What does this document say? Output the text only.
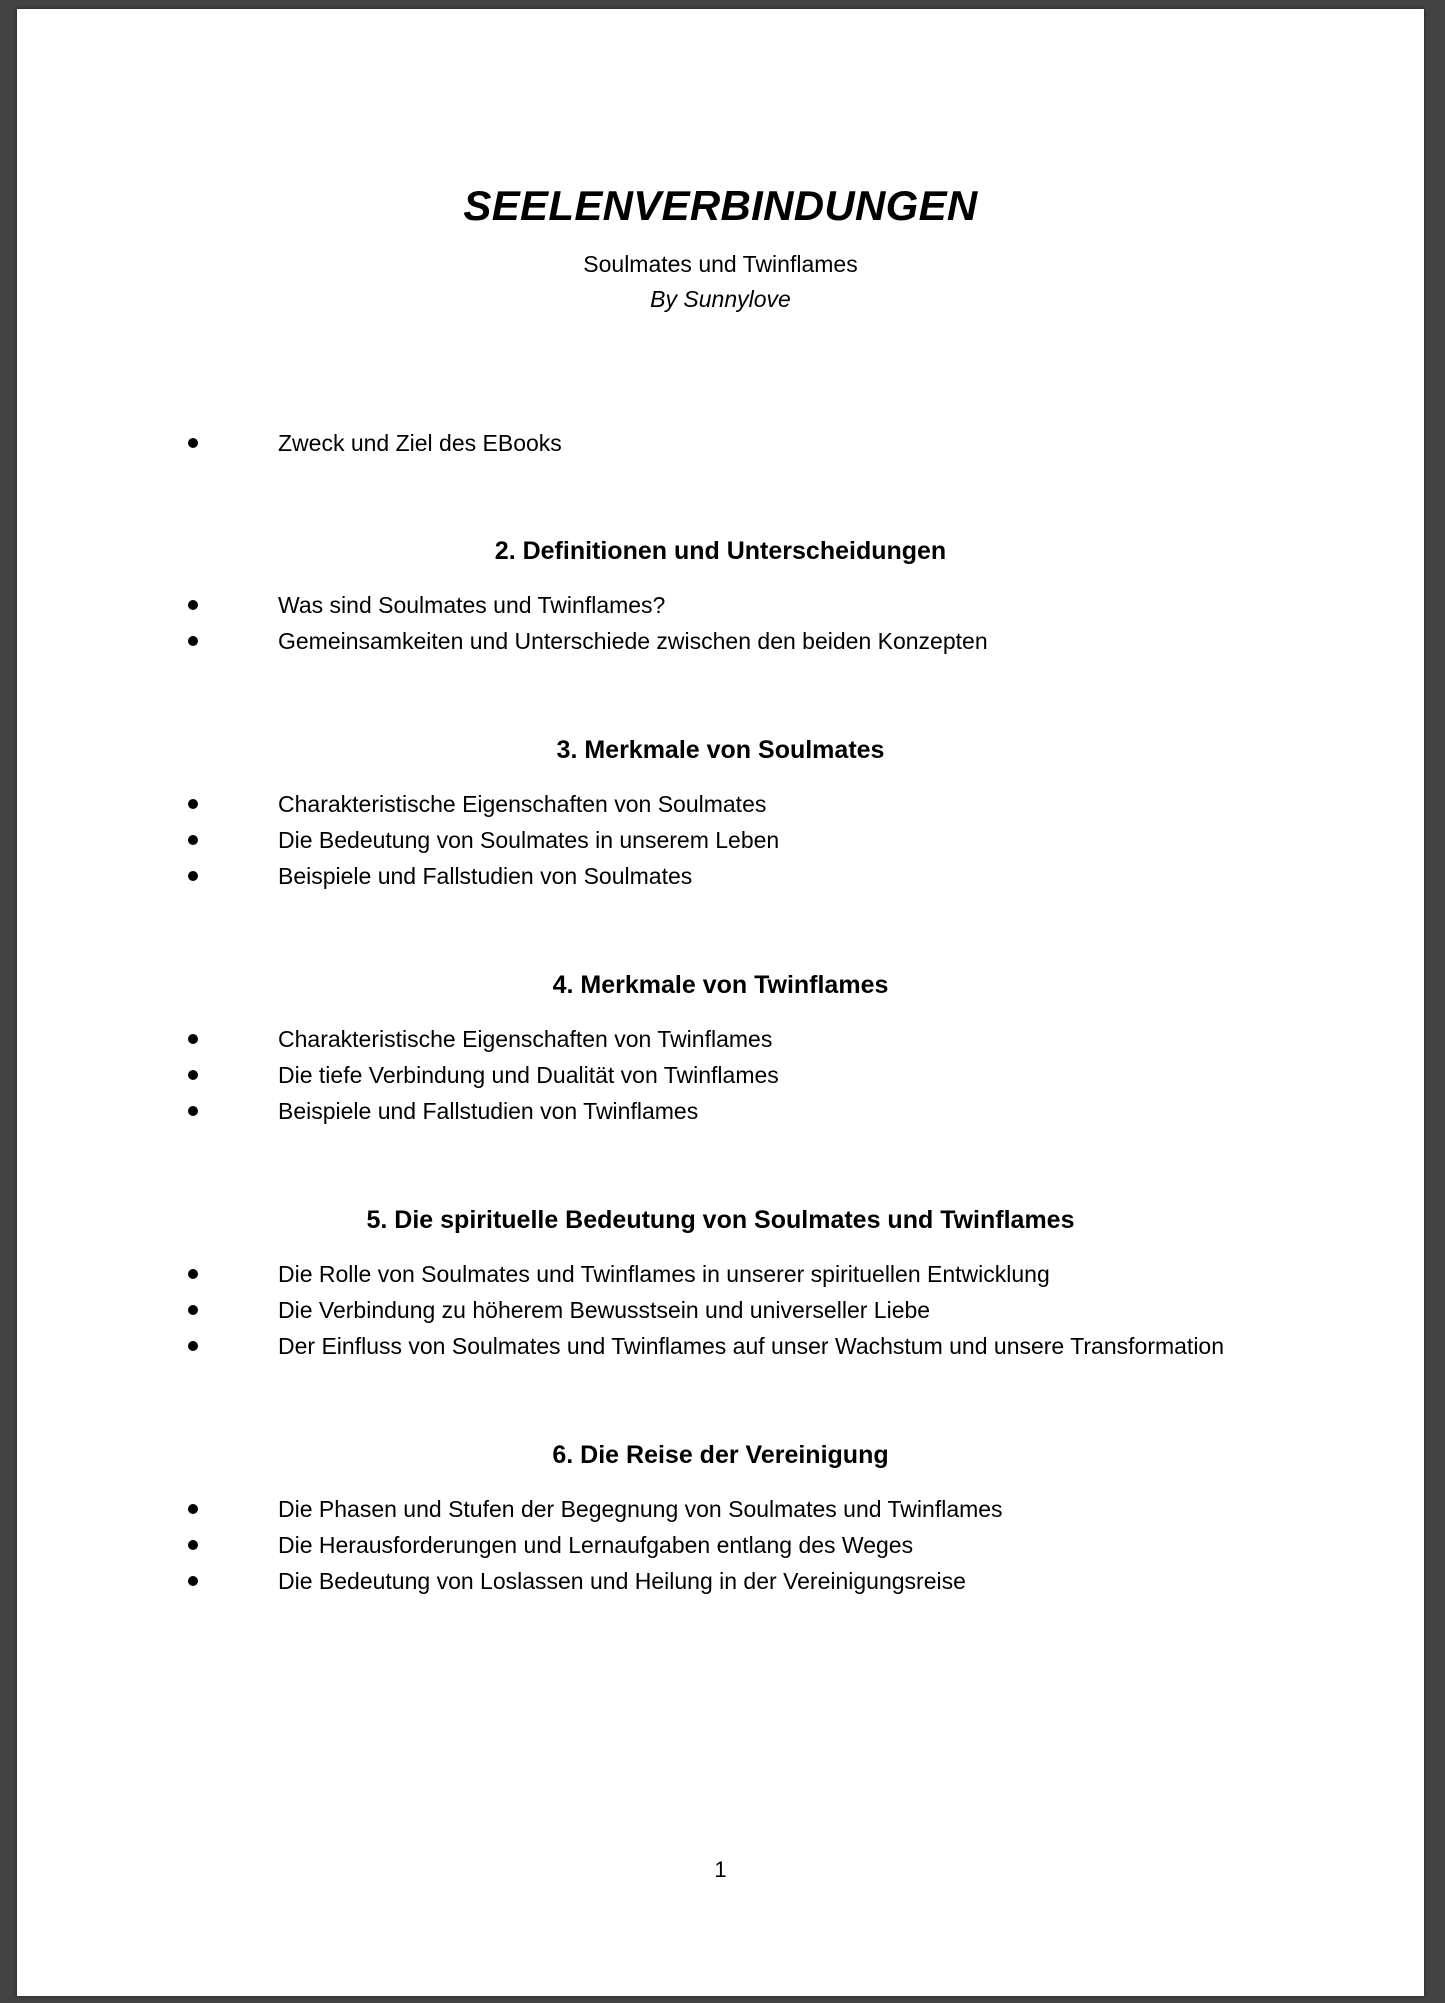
SEELENVERBINDUNGEN
Soulmates und Twinflames
By Sunnylove
Zweck und Ziel des EBooks
2. Definitionen und Unterscheidungen
Was sind Soulmates und Twinflames?
Gemeinsamkeiten und Unterschiede zwischen den beiden Konzepten
3. Merkmale von Soulmates
Charakteristische Eigenschaften von Soulmates
Die Bedeutung von Soulmates in unserem Leben
Beispiele und Fallstudien von Soulmates
4. Merkmale von Twinflames
Charakteristische Eigenschaften von Twinflames
Die tiefe Verbindung und Dualität von Twinflames
Beispiele und Fallstudien von Twinflames
5. Die spirituelle Bedeutung von Soulmates und Twinflames
Die Rolle von Soulmates und Twinflames in unserer spirituellen Entwicklung
Die Verbindung zu höherem Bewusstsein und universeller Liebe
Der Einfluss von Soulmates und Twinflames auf unser Wachstum und unsere Transformation
6. Die Reise der Vereinigung
Die Phasen und Stufen der Begegnung von Soulmates und Twinflames
Die Herausforderungen und Lernaufgaben entlang des Weges
Die Bedeutung von Loslassen und Heilung in der Vereinigungsreise
1
